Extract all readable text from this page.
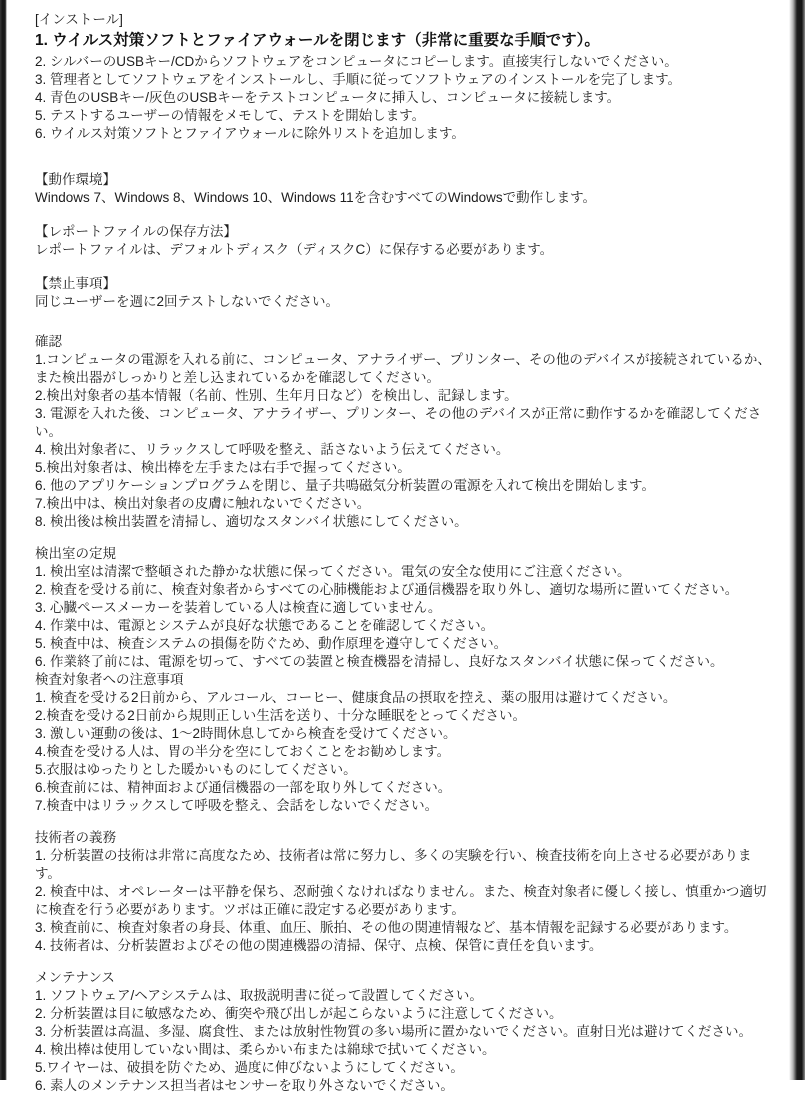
[インストール]
1. ウイルス対策ソフトとファイアウォールを閉じます（非常に重要な手順です）。
2. シルバーのUSBキー/CDからソフトウェアをコンピュータにコピーします。直接実行しないでください。
3. 管理者としてソフトウェアをインストールし、手順に従ってソフトウェアのインストールを完了します。
4. 青色のUSBキー/灰色のUSBキーをテストコンピュータに挿入し、コンピュータに接続します。
5. テストするユーザーの情報をメモして、テストを開始します。
6. ウイルス対策ソフトとファイアウォールに除外リストを追加します。
【動作環境】
Windows 7、Windows 8、Windows 10、Windows 11を含むすべてのWindowsで動作します。
【レポートファイルの保存方法】
レポートファイルは、デフォルトディスク（ディスクC）に保存する必要があります。
【禁止事項】
同じユーザーを週に2回テストしないでください。
確認
1.コンピュータの電源を入れる前に、コンピュータ、アナライザー、プリンター、その他のデバイスが接続されているか、また検出器がしっかりと差し込まれているかを確認してください。
2.検出対象者の基本情報（名前、性別、生年月日など）を検出し、記録します。
3. 電源を入れた後、コンピュータ、アナライザー、プリンター、その他のデバイスが正常に動作するかを確認してください。
4. 検出対象者に、リラックスして呼吸を整え、話さないよう伝えてください。
5.検出対象者は、検出棒を左手または右手で握ってください。
6. 他のアプリケーションプログラムを閉じ、量子共鳴磁気分析装置の電源を入れて検出を開始します。
7.検出中は、検出対象者の皮膚に触れないでください。
8. 検出後は検出装置を清掃し、適切なスタンバイ状態にしてください。
検出室の定規
1. 検出室は清潔で整頓された静かな状態に保ってください。電気の安全な使用にご注意ください。
2. 検査を受ける前に、検査対象者からすべての心肺機能および通信機器を取り外し、適切な場所に置いてください。
3. 心臓ペースメーカーを装着している人は検査に適していません。
4. 作業中は、電源とシステムが良好な状態であることを確認してください。
5. 検査中は、検査システムの損傷を防ぐため、動作原理を遵守してください。
6. 作業終了前には、電源を切って、すべての装置と検査機器を清掃し、良好なスタンバイ状態に保ってください。
検査対象者への注意事項
1. 検査を受ける2日前から、アルコール、コーヒー、健康食品の摂取を控え、薬の服用は避けてください。
2.検査を受ける2日前から規則正しい生活を送り、十分な睡眠をとってください。
3. 激しい運動の後は、1～2時間休息してから検査を受けてください。
4.検査を受ける人は、胃の半分を空にしておくことをお勧めします。
5.衣服はゆったりとした暖かいものにしてください。
6.検査前には、精神面および通信機器の一部を取り外してください。
7.検査中はリラックスして呼吸を整え、会話をしないでください。
技術者の義務
1. 分析装置の技術は非常に高度なため、技術者は常に努力し、多くの実験を行い、検査技術を向上させる必要があります。
2. 検査中は、オペレーターは平静を保ち、忍耐強くなければなりません。また、検査対象者に優しく接し、慎重かつ適切に検査を行う必要があります。ツボは正確に設定する必要があります。
3. 検査前に、検査対象者の身長、体重、血圧、脈拍、その他の関連情報など、基本情報を記録する必要があります。
4. 技術者は、分析装置およびその他の関連機器の清掃、保守、点検、保管に責任を負います。
メンテナンス
1. ソフトウェア/ヘアシステムは、取扱説明書に従って設置してください。
2. 分析装置は目に敏感なため、衝突や飛び出しが起こらないように注意してください。
3. 分析装置は高温、多湿、腐食性、または放射性物質の多い場所に置かないでください。直射日光は避けてください。
4. 検出棒は使用していない間は、柔らかい布または綿球で拭いてください。
5.ワイヤーは、破損を防ぐため、過度に伸びないようにしてください。
6. 素人のメンテナンス担当者はセンサーを取り外さないでください。
